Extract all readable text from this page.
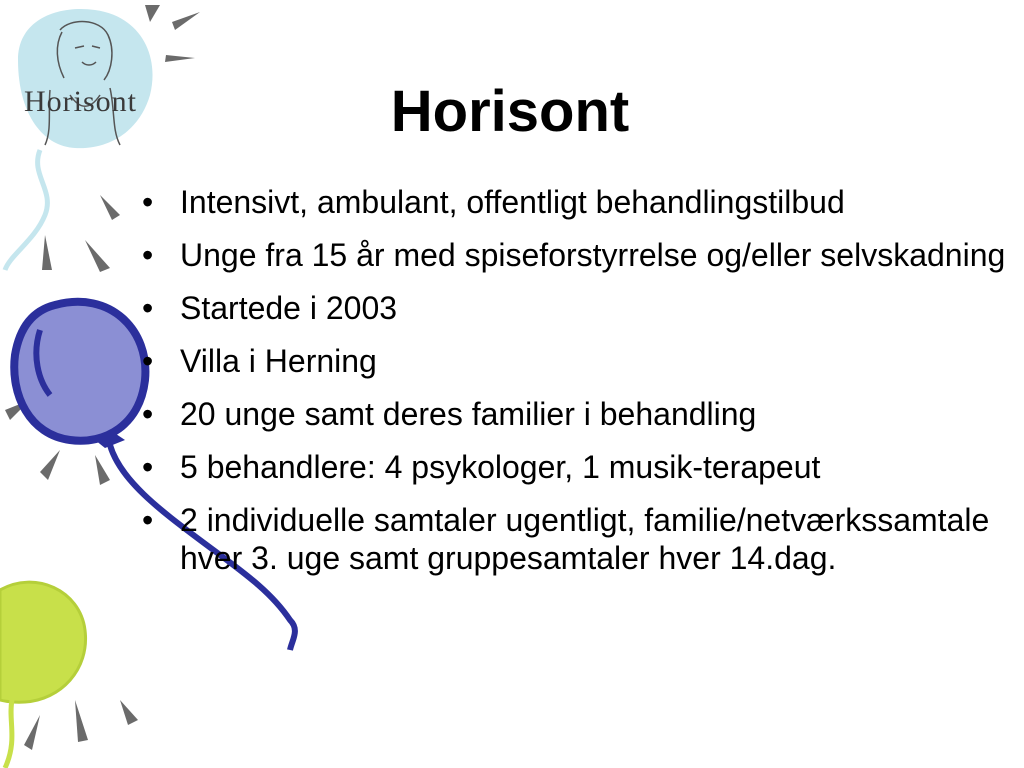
Horisont	Horisont
• Intensivt, ambulant, offentligt behandlingstilbud
• Unge fra 15 år med spiseforstyrrelse og/eller selvskadning
• Startede i 2003
• Villa i Herning
• 20 unge samt deres familier i behandling
• 5 behandlere: 4 psykologer, 1 musik-terapeut
• 2 individuelle samtaler ugentligt, familie/netværkssamtale hver 3. uge samt gruppesamtaler hver 14.dag.
